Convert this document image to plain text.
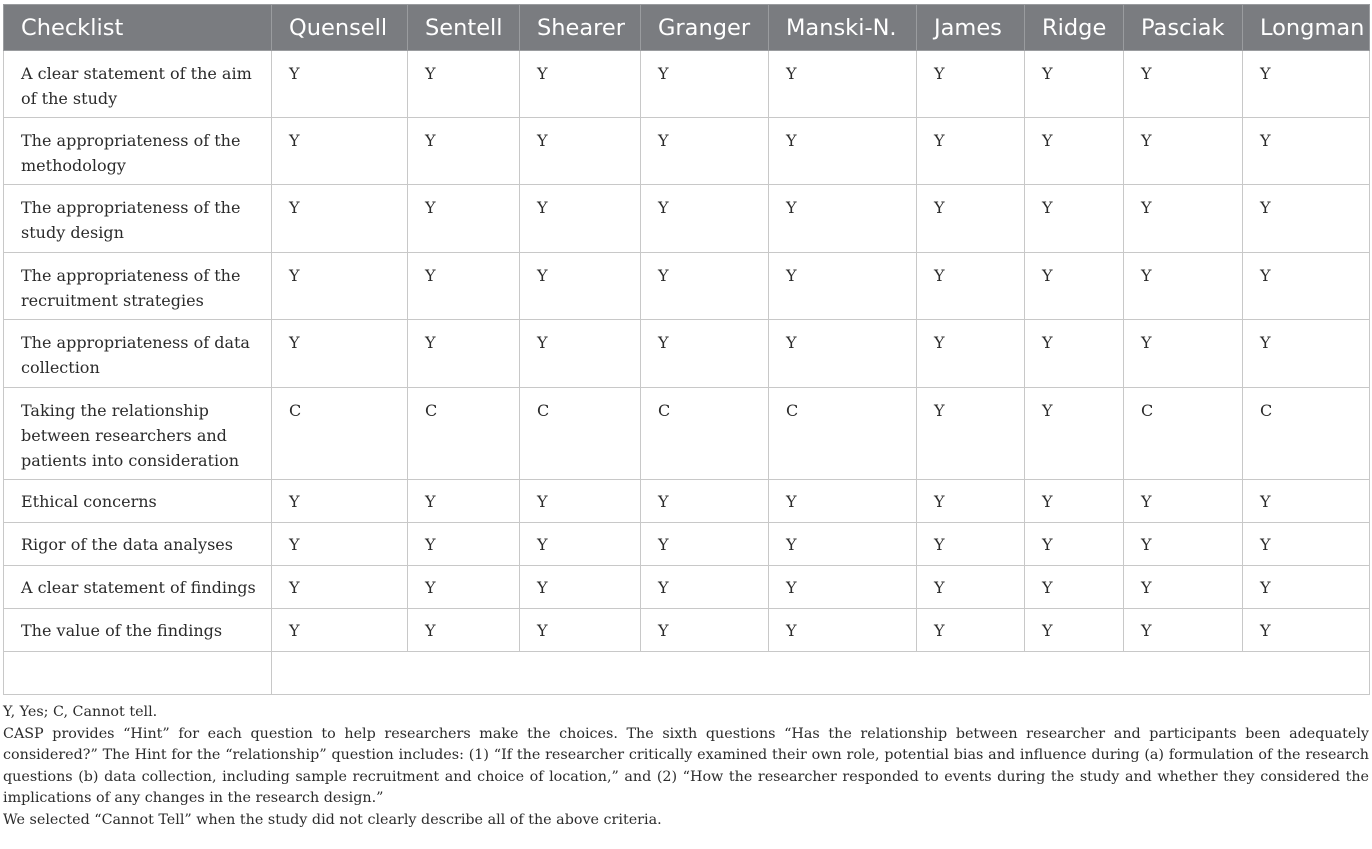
Checklist	Quensell	Sentell	Shearer	Granger	Manski-N.	James	Ridge	Pasciak	Longman
A clear statement of the aim of the study	Y	Y	Y	Y	Y	Y	Y	Y	Y
The appropriateness of the methodology	Y	Y	Y	Y	Y	Y	Y	Y	Y
The appropriateness of the study design	Y	Y	Y	Y	Y	Y	Y	Y	Y
The appropriateness of the recruitment strategies	Y	Y	Y	Y	Y	Y	Y	Y	Y
The appropriateness of data collection	Y	Y	Y	Y	Y	Y	Y	Y	Y
Taking the relationship between researchers and patients into consideration	C	C	C	C	C	Y	Y	C	C
Ethical concerns	Y	Y	Y	Y	Y	Y	Y	Y	Y
Rigor of the data analyses	Y	Y	Y	Y	Y	Y	Y	Y	Y
A clear statement of findings	Y	Y	Y	Y	Y	Y	Y	Y	Y
The value of the findings	Y	Y	Y	Y	Y	Y	Y	Y	Y

Y, Yes; C, Cannot tell.

CASP provides “Hint” for each question to help researchers make the choices. The sixth questions “Has the relationship between researcher and participants been adequately considered?” The Hint for the “relationship” question includes: (1) “If the researcher critically examined their own role, potential bias and influence during (a) formulation of the research questions (b) data collection, including sample recruitment and choice of location,” and (2) “How the researcher responded to events during the study and whether they considered the implications of any changes in the research design.”

We selected “Cannot Tell” when the study did not clearly describe all of the above criteria.
